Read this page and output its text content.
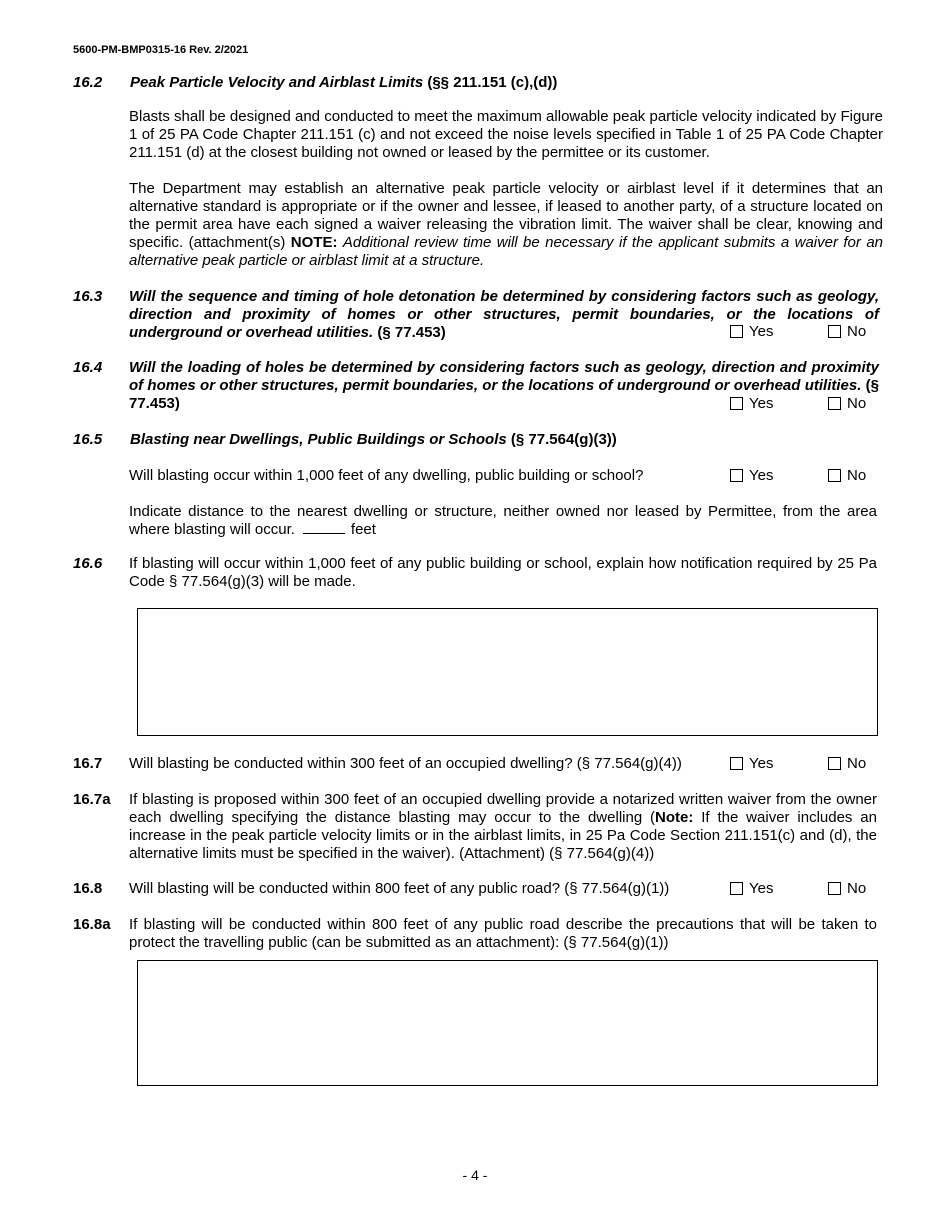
5600-PM-BMP0315-16 Rev. 2/2021
16.2 Peak Particle Velocity and Airblast Limits (§§ 211.151 (c),(d))
Blasts shall be designed and conducted to meet the maximum allowable peak particle velocity indicated by Figure 1 of 25 PA Code Chapter 211.151 (c) and not exceed the noise levels specified in Table 1 of 25 PA Code Chapter 211.151 (d) at the closest building not owned or leased by the permittee or its customer.
The Department may establish an alternative peak particle velocity or airblast level if it determines that an alternative standard is appropriate or if the owner and lessee, if leased to another party, of a structure located on the permit area have each signed a waiver releasing the vibration limit. The waiver shall be clear, knowing and specific. (attachment(s) NOTE: Additional review time will be necessary if the applicant submits a waiver for an alternative peak particle or airblast limit at a structure.
16.3 Will the sequence and timing of hole detonation be determined by considering factors such as geology, direction and proximity of homes or other structures, permit boundaries, or the locations of underground or overhead utilities. (§ 77.453)	Yes	No
16.4 Will the loading of holes be determined by considering factors such as geology, direction and proximity of homes or other structures, permit boundaries, or the locations of underground or overhead utilities. (§ 77.453)	Yes	No
16.5 Blasting near Dwellings, Public Buildings or Schools (§ 77.564(g)(3))
Will blasting occur within 1,000 feet of any dwelling, public building or school?	Yes	No
Indicate distance to the nearest dwelling or structure, neither owned nor leased by Permittee, from the area where blasting will occur.	feet
16.6 If blasting will occur within 1,000 feet of any public building or school, explain how notification required by 25 Pa Code § 77.564(g)(3) will be made.
16.7 Will blasting be conducted within 300 feet of an occupied dwelling? (§ 77.564(g)(4))	Yes	No
16.7a If blasting is proposed within 300 feet of an occupied dwelling provide a notarized written waiver from the owner each dwelling specifying the distance blasting may occur to the dwelling (Note: If the waiver includes an increase in the peak particle velocity limits or in the airblast limits, in 25 Pa Code Section 211.151(c) and (d), the alternative limits must be specified in the waiver). (Attachment) (§ 77.564(g)(4))
16.8 Will blasting will be conducted within 800 feet of any public road? (§ 77.564(g)(1))	Yes	No
16.8a If blasting will be conducted within 800 feet of any public road describe the precautions that will be taken to protect the travelling public (can be submitted as an attachment): (§ 77.564(g)(1))
- 4 -
